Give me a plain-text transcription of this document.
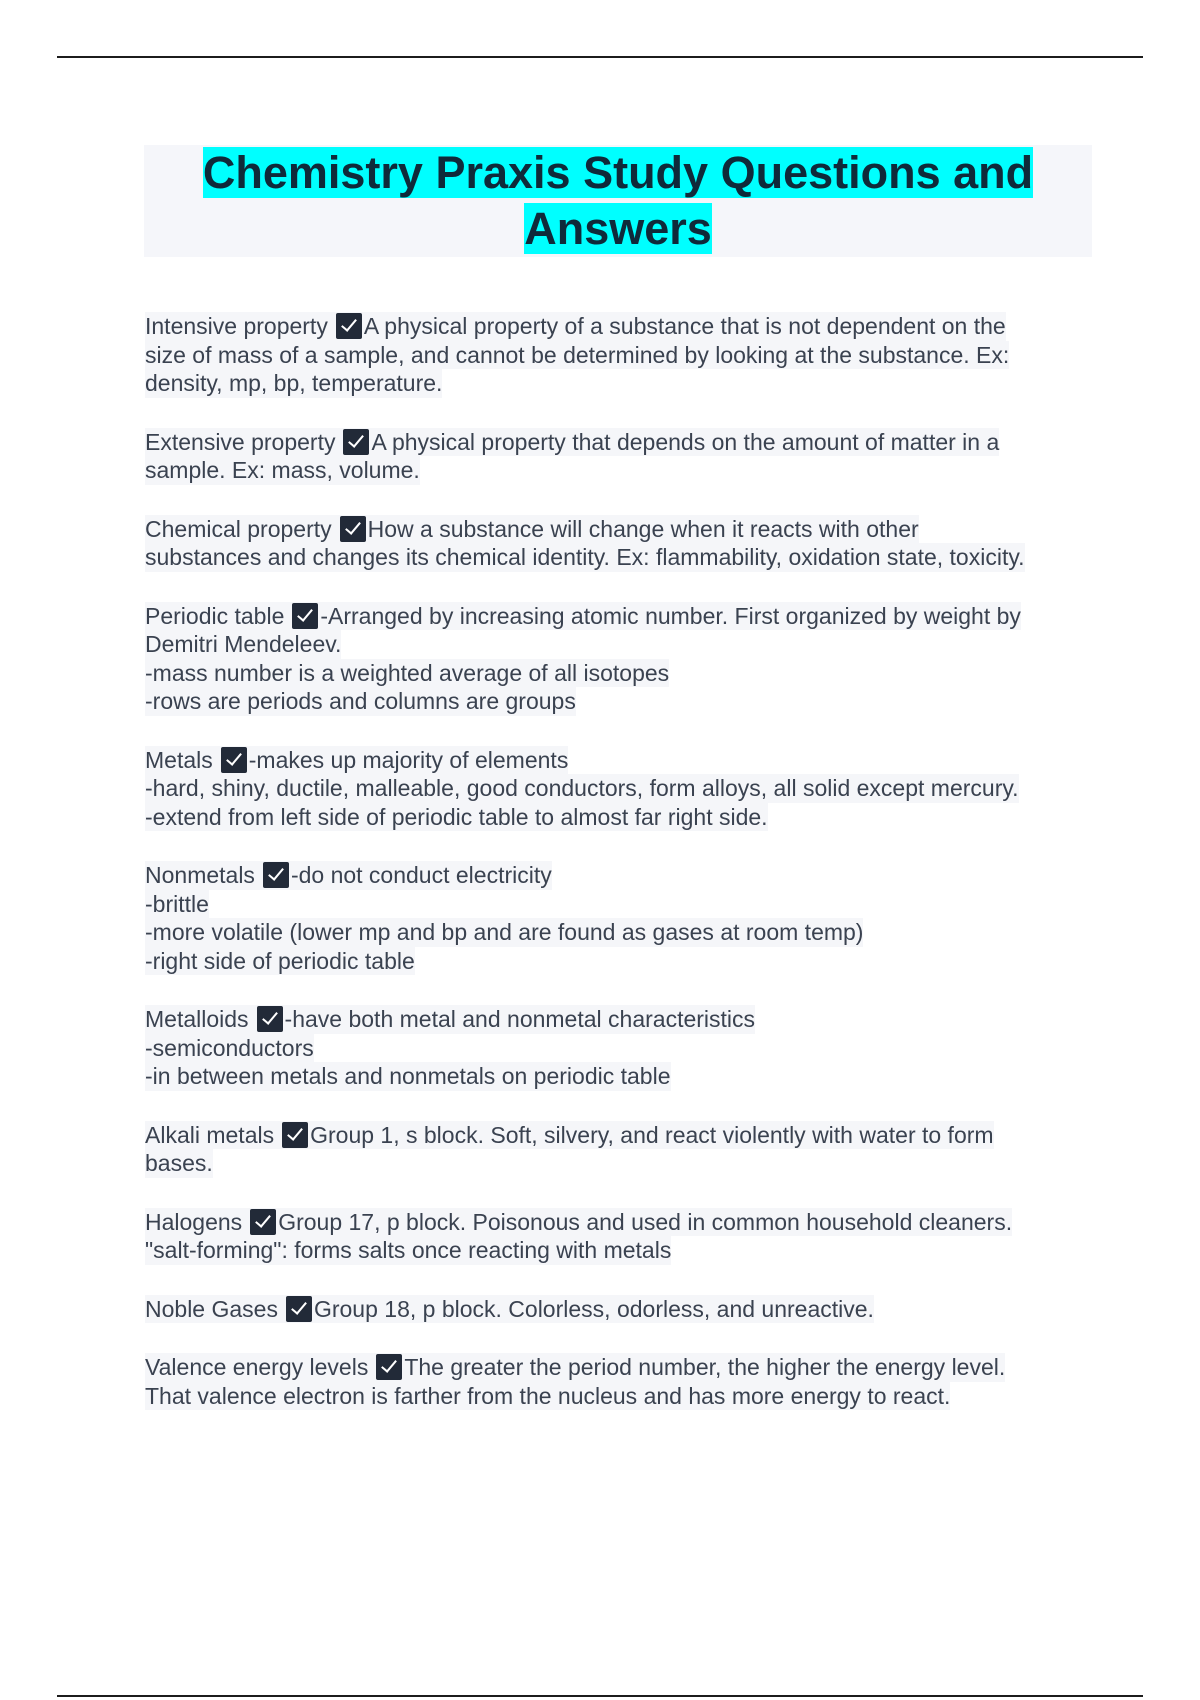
Chemistry Praxis Study Questions and
Answers
Intensive property A physical property of a substance that is not dependent on the
size of mass of a sample, and cannot be determined by looking at the substance. Ex:
density, mp, bp, temperature.
Extensive property A physical property that depends on the amount of matter in a
sample. Ex: mass, volume.
Chemical property How a substance will change when it reacts with other
substances and changes its chemical identity. Ex: flammability, oxidation state, toxicity.
Periodic table -Arranged by increasing atomic number. First organized by weight by
Demitri Mendeleev.
-mass number is a weighted average of all isotopes
-rows are periods and columns are groups
Metals -makes up majority of elements
-hard, shiny, ductile, malleable, good conductors, form alloys, all solid except mercury.
-extend from left side of periodic table to almost far right side.
Nonmetals -do not conduct electricity
-brittle
-more volatile (lower mp and bp and are found as gases at room temp)
-right side of periodic table
Metalloids -have both metal and nonmetal characteristics
-semiconductors
-in between metals and nonmetals on periodic table
Alkali metals Group 1, s block. Soft, silvery, and react violently with water to form
bases.
Halogens Group 17, p block. Poisonous and used in common household cleaners.
"salt-forming": forms salts once reacting with metals
Noble Gases Group 18, p block. Colorless, odorless, and unreactive.
Valence energy levels The greater the period number, the higher the energy level.
That valence electron is farther from the nucleus and has more energy to react.
